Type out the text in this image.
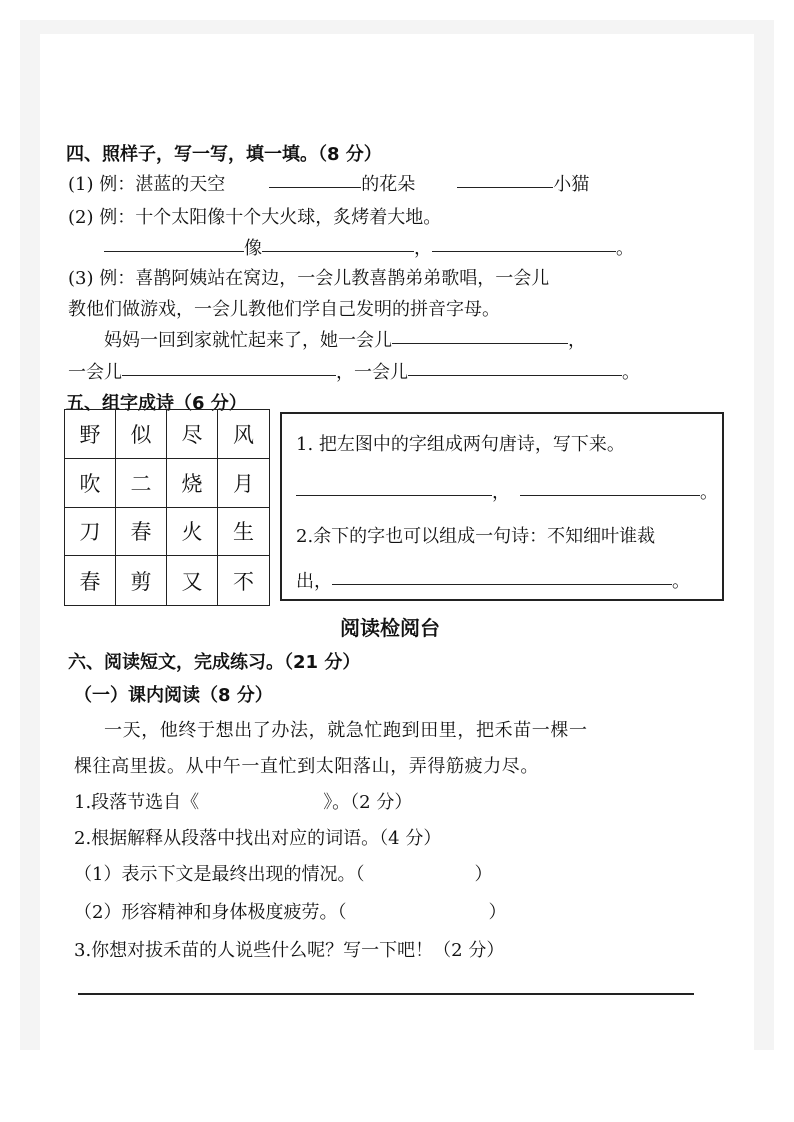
四、照样子，写一写，填一填。（8 分）
(1) 例：湛蓝的天空	的花朵	小猫
(2) 例：十个太阳像十个大火球，炙烤着大地。
像	，	。
(3) 例：喜鹊阿姨站在窝边，一会儿教喜鹊弟弟歌唱，一会儿
教他们做游戏，一会儿教他们学自己发明的拼音字母。
妈妈一回到家就忙起来了，她一会儿	，
一会儿	，一会儿	。
五、组字成诗（6 分）
野	似	尽	风
吹	二	烧	月
刀	春	火	生
春	剪	又	不
1. 把左图中的字组成两句唐诗，写下来。
，	。
2.余下的字也可以组成一句诗：不知细叶谁裁
出，	。
阅读检阅台
六、阅读短文，完成练习。（21 分）
（一）课内阅读（8 分）
一天，他终于想出了办法，就急忙跑到田里，把禾苗一棵一
棵往高里拔。从中午一直忙到太阳落山，弄得筋疲力尽。
1.段落节选自《	》。（2 分）
2.根据解释从段落中找出对应的词语。（4 分）
（1）表示下文是最终出现的情况。（	）
（2）形容精神和身体极度疲劳。（	）
3.你想对拔禾苗的人说些什么呢？写一下吧！（2 分）
